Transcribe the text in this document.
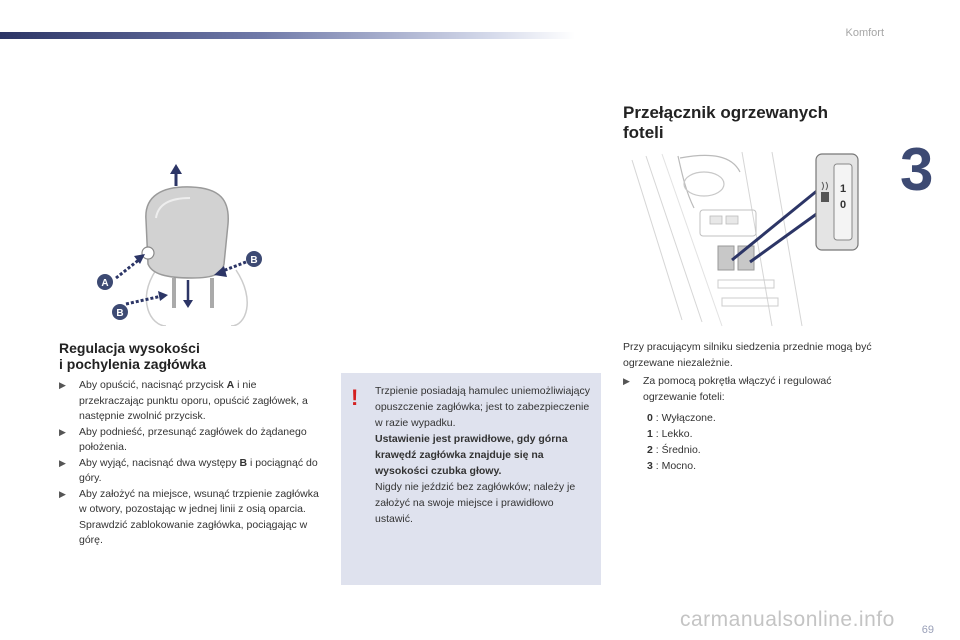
Komfort
3
A
B
B
1
0
Regulacja wysokości
i pochylenia zagłówka
▶ Aby opuścić, nacisnąć przycisk A i nie przekraczając punktu oporu, opuścić zagłówek, a następnie zwolnić przycisk.
▶ Aby podnieść, przesunąć zagłówek do żądanego położenia.
▶ Aby wyjąć, nacisnąć dwa występy B i pociągnąć do góry.
▶ Aby założyć na miejsce, wsunąć trzpienie zagłówka w otwory, pozostając w jednej linii z osią oparcia. Sprawdzić zablokowanie zagłówka, pociągając w górę.
! Trzpienie posiadają hamulec uniemożliwiający opuszczenie zagłówka; jest to zabezpieczenie w razie wypadku.

Ustawienie jest prawidłowe, gdy górna krawędź zagłówka znajduje się na wysokości czubka głowy.

Nigdy nie jeździć bez zagłówków; należy je założyć na swoje miejsce i prawidłowo ustawić.

Przełącznik ogrzewanych
foteli

Przy pracującym silniku siedzenia przednie mogą być ogrzewane niezależnie.

▶ Za pomocą pokrętła włączyć i regulować ogrzewanie foteli:
0 : Wyłączone.
1 : Lekko.
2 : Średnio.
3 : Mocno.
carmanualsonline.info 69
